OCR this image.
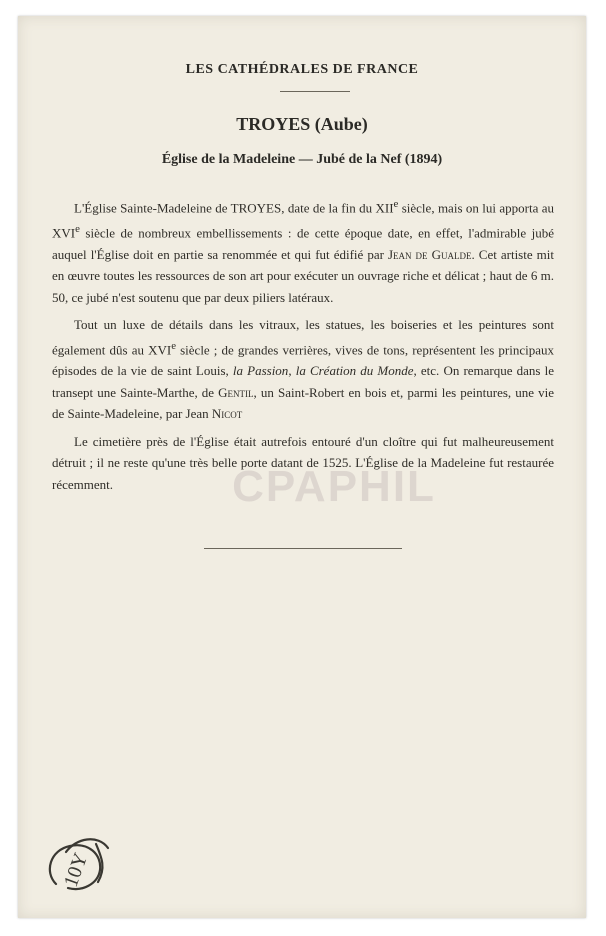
LES CATHÉDRALES DE FRANCE
TROYES (Aube)
Église de la Madeleine — Jubé de la Nef (1894)

L'Église Sainte-Madeleine de TROYES, date de la fin du XIIe siècle, mais on lui apporta au XVIe siècle de nombreux embellissements : de cette époque date, en effet, l'admirable jubé auquel l'Église doit en partie sa renommée et qui fut édifié par Jean de Gualde. Cet artiste mit en œuvre toutes les ressources de son art pour exécuter un ouvrage riche et délicat ; haut de 6 m. 50, ce jubé n'est soutenu que par deux piliers latéraux.

Tout un luxe de détails dans les vitraux, les statues, les boiseries et les peintures sont également dûs au XVIe siècle ; de grandes verrières, vives de tons, représentent les principaux épisodes de la vie de saint Louis, la Passion, la Création du Monde, etc. On remarque dans le transept une Sainte-Marthe, de Gentil, un Saint-Robert en bois et, parmi les peintures, une vie de Sainte-Madeleine, par Jean Nicot

Le cimetière près de l'Église était autrefois entouré d'un cloître qui fut malheureusement détruit ; il ne reste qu'une très belle porte datant de 1525. L'Église de la Madeleine fut restaurée récemment.	CPAPHIL
10Y
